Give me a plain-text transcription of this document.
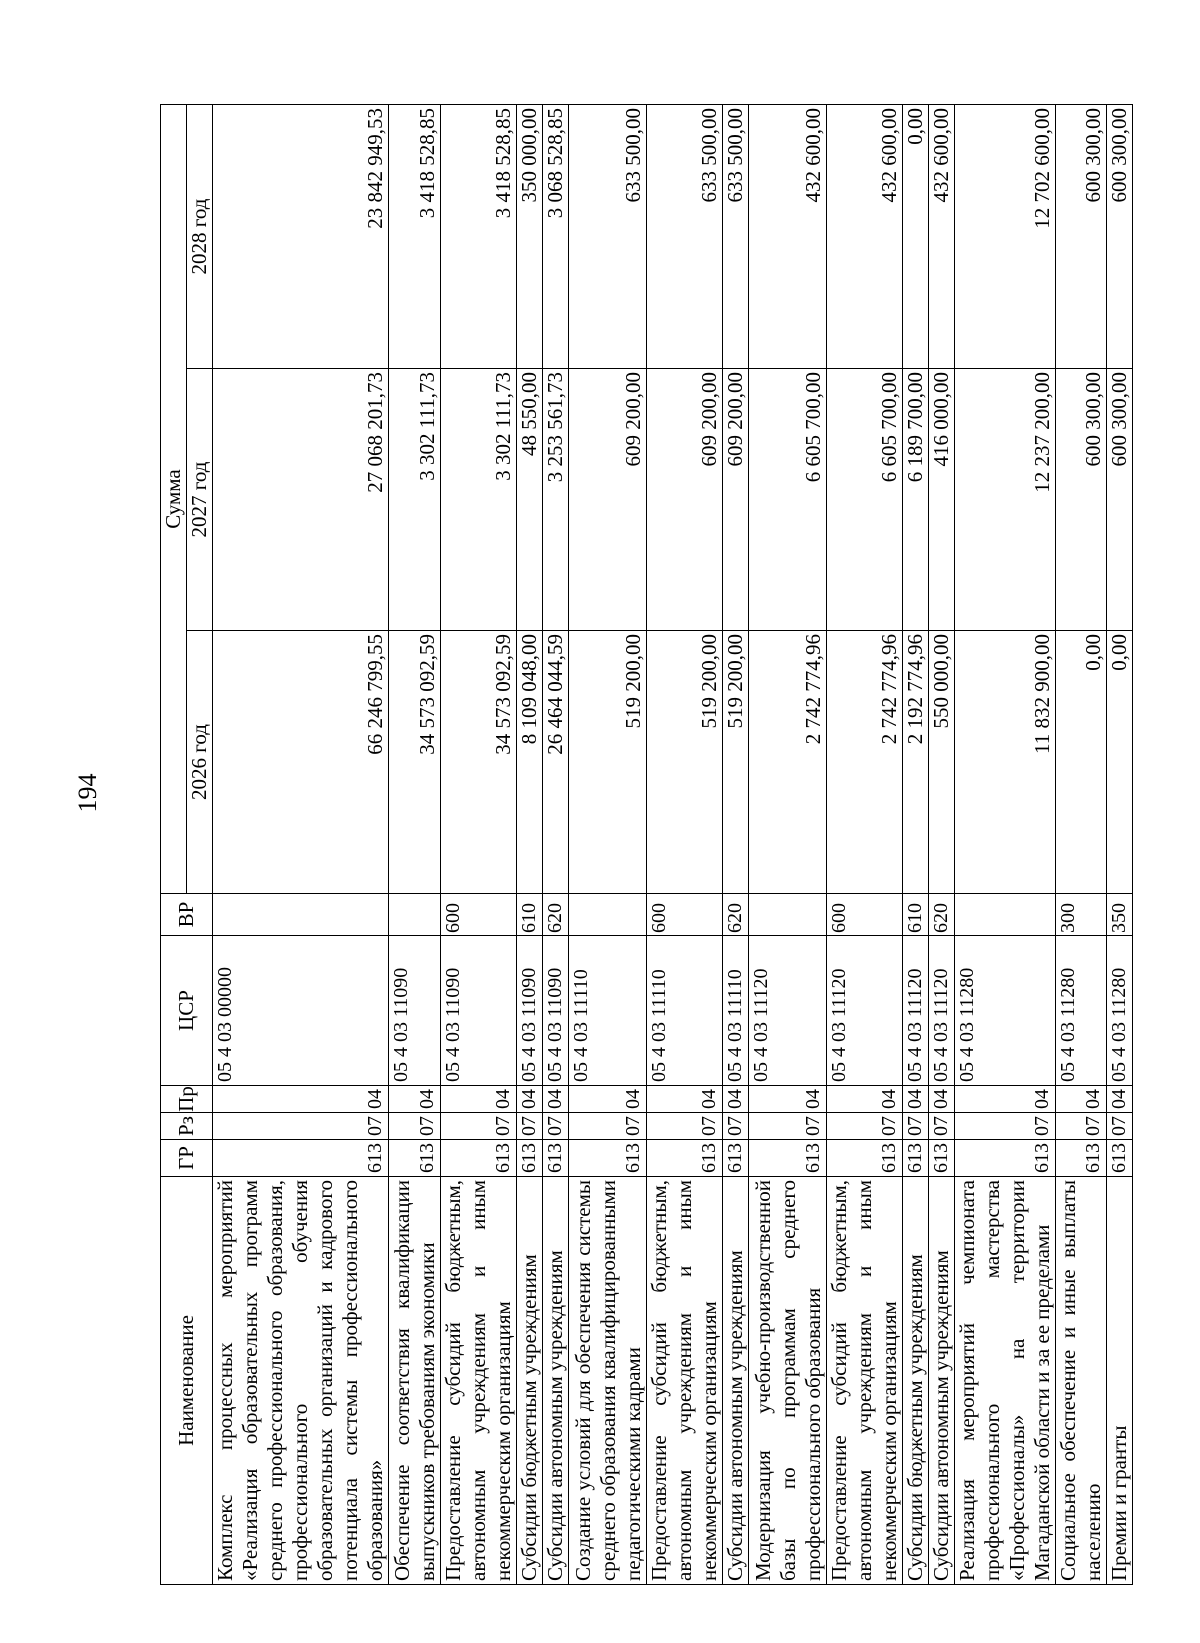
194
Наименование	ГР	Рз	Пр	ЦСР	ВР	Сумма		
						2026 год	2027 год	2028 год
Комплекс процессных мероприятий «Реализация образовательных программ среднего профессионального образования, профессионального обучения образовательных организаций и кадрового потенциала системы профессионального образования»	613	07	04	05 4 03 00000		66 246 799,55	27 068 201,73	23 842 949,53
Обеспечение соответствия квалификации выпускников требованиям экономики	613	07	04	05 4 03 11090		34 573 092,59	3 302 111,73	3 418 528,85
Предоставление субсидий бюджетным, автономным учреждениям и иным некоммерческим организациям	613	07	04	05 4 03 11090	600	34 573 092,59	3 302 111,73	3 418 528,85
Субсидии бюджетным учреждениям	613	07	04	05 4 03 11090	610	8 109 048,00	48 550,00	350 000,00
Субсидии автономным учреждениям	613	07	04	05 4 03 11090	620	26 464 044,59	3 253 561,73	3 068 528,85
Создание условий для обеспечения системы среднего образования квалифицированными педагогическими кадрами	613	07	04	05 4 03 11110		519 200,00	609 200,00	633 500,00
Предоставление субсидий бюджетным, автономным учреждениям и иным некоммерческим организациям	613	07	04	05 4 03 11110	600	519 200,00	609 200,00	633 500,00
Субсидии автономным учреждениям	613	07	04	05 4 03 11110	620	519 200,00	609 200,00	633 500,00
Модернизация учебно-производственной базы по программам среднего профессионального образования	613	07	04	05 4 03 11120		2 742 774,96	6 605 700,00	432 600,00
Предоставление субсидий бюджетным, автономным учреждениям и иным некоммерческим организациям	613	07	04	05 4 03 11120	600	2 742 774,96	6 605 700,00	432 600,00
Субсидии бюджетным учреждениям	613	07	04	05 4 03 11120	610	2 192 774,96	6 189 700,00	0,00
Субсидии автономным учреждениям	613	07	04	05 4 03 11120	620	550 000,00	416 000,00	432 600,00
Реализация мероприятий чемпионата профессионального мастерства «Профессионалы» на территории Магаданской области и за ее пределами	613	07	04	05 4 03 11280		11 832 900,00	12 237 200,00	12 702 600,00
Социальное обеспечение и иные выплаты населению	613	07	04	05 4 03 11280	300	0,00	600 300,00	600 300,00
Премии и гранты	613	07	04	05 4 03 11280	350	0,00	600 300,00	600 300,00
